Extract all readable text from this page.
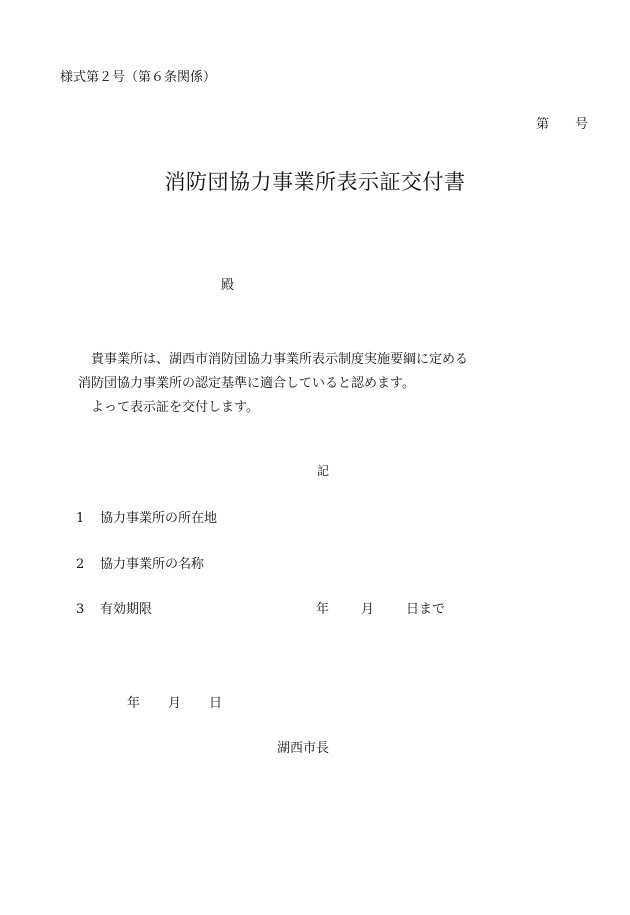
様式第２号（第６条関係）
第 号
消防団協力事業所表示証交付書
殿

貴事業所は、湖西市消防団協力事業所表示制度実施要綱に定める

消防団協力事業所の認定基準に適合していると認めます。

よって表示証を交付します。

記
1 協力事業所の所在地
2 協力事業所の名称
3 有効期限	年 月 日まで
年 月 日
湖西市長
